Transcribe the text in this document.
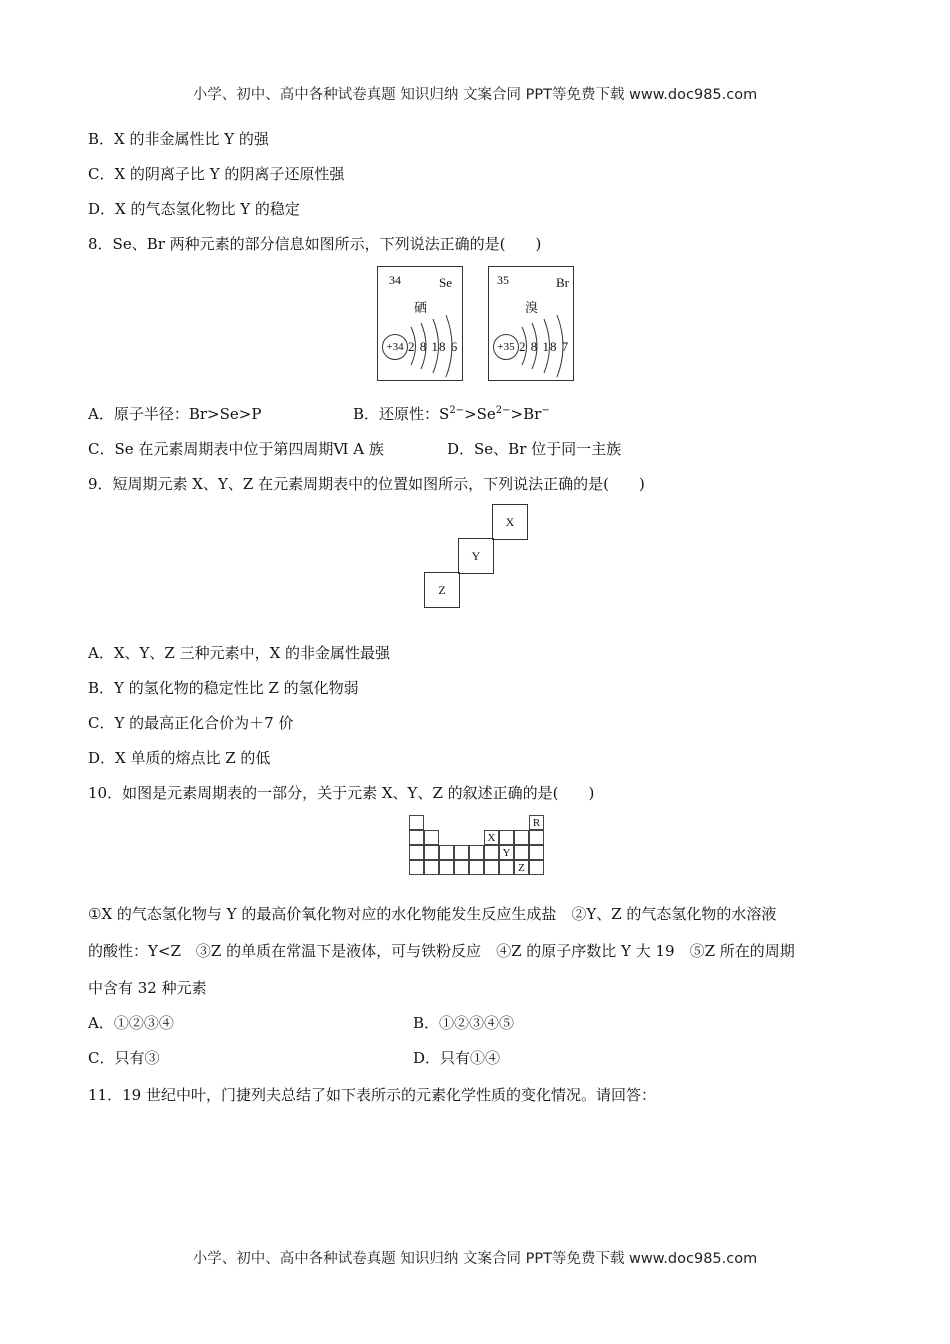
小学、初中、高中各种试卷真题 知识归纳 文案合同 PPT等免费下载 www.doc985.com
B．X 的非金属性比 Y 的强
C．X 的阴离子比 Y 的阴离子还原性强
D．X 的气态氢化物比 Y 的稳定
8．Se、Br 两种元素的部分信息如图所示，下列说法正确的是(　　)
34	Se
硒
+34 2 8 18 6
35	Br
溴
+35 2 8 18 7
A．原子半径：Br>Se>P	B．还原性：$S^{2-}>Se^{2-}>Br^-$
C．Se 在元素周期表中位于第四周期Ⅵ A 族	D．Se、Br 位于同一主族
9．短周期元素 X、Y、Z 在元素周期表中的位置如图所示，下列说法正确的是(　　)
X
Y
Z
A．X、Y、Z 三种元素中，X 的非金属性最强
B．Y 的氢化物的稳定性比 Z 的氢化物弱
C．Y 的最高正化合价为＋7 价
D．X 单质的熔点比 Z 的低
10．如图是元素周期表的一部分，关于元素 X、Y、Z 的叙述正确的是(　　)
R
X
Y
Z
①X 的气态氢化物与 Y 的最高价氧化物对应的水化物能发生反应生成盐　②Y、Z 的气态氢化物的水溶液
的酸性：Y<Z　③Z 的单质在常温下是液体，可与铁粉反应　④Z 的原子序数比 Y 大 19　⑤Z 所在的周期
中含有 32 种元素
A．①②③④	B．①②③④⑤
C．只有③	D．只有①④
11．19 世纪中叶，门捷列夫总结了如下表所示的元素化学性质的变化情况。请回答：
小学、初中、高中各种试卷真题 知识归纳 文案合同 PPT等免费下载 www.doc985.com
